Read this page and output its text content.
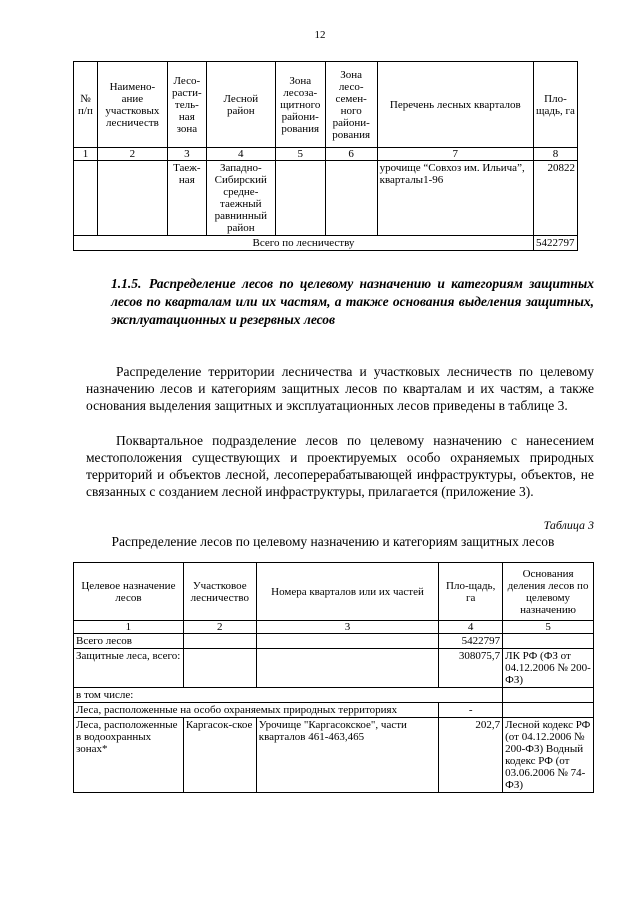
12
№ п/п	Наимено-ание участковых лесничеств	Лесо-расти-тель-ная зона	Лесной район	Зона лесоза-щитного райони-рования	Зона лесо-семен-ного райони-рования	Перечень лесных кварталов	Пло-щадь, га
1	2	3	4	5	6	7	8
		Таеж-ная	Западно-Сибирский средне-таежный равнинный район			урочище “Совхоз им. Ильича”, кварталы1-96	20822
Всего по лесничеству							5422797
1.1.5. Распределение лесов по целевому назначению и категориям защитных лесов по кварталам или их частям, а также основания выделения защитных, эксплуатационных и резервных лесов
Распределение территории лесничества и участковых лесничеств по целевому назначению лесов и категориям защитных лесов по кварталам и их частям, а также основания выделения защитных и эксплуатационных лесов приведены в таблице 3.
Поквартальное подразделение лесов по целевому назначению с нанесением местоположения существующих и проектируемых особо охраняемых природных территорий и объектов лесной, лесоперерабатывающей инфраструктуры, объектов, не связанных с созданием лесной инфраструктуры, прилагается (приложение 3).
Таблица 3
Распределение лесов по целевому назначению и категориям защитных лесов
Целевое назначение лесов	Участковое лесничество	Номера кварталов или их частей	Пло-щадь, га	Основания деления лесов по целевому назначению
1	2	3	4	5
Всего лесов			5422797	
Защитные леса, всего:			308075,7	ЛК РФ (ФЗ от 04.12.2006 № 200-ФЗ)
в том числе:				
Леса, расположенные на особо охраняемых природных территориях			-	
Леса, расположенные в водоохранных зонах*	Каргасок-ское	Урочище "Каргасокское", части кварталов 461-463,465	202,7	Лесной кодекс РФ (от 04.12.2006 № 200-ФЗ) Водный кодекс РФ (от 03.06.2006 № 74-ФЗ)
